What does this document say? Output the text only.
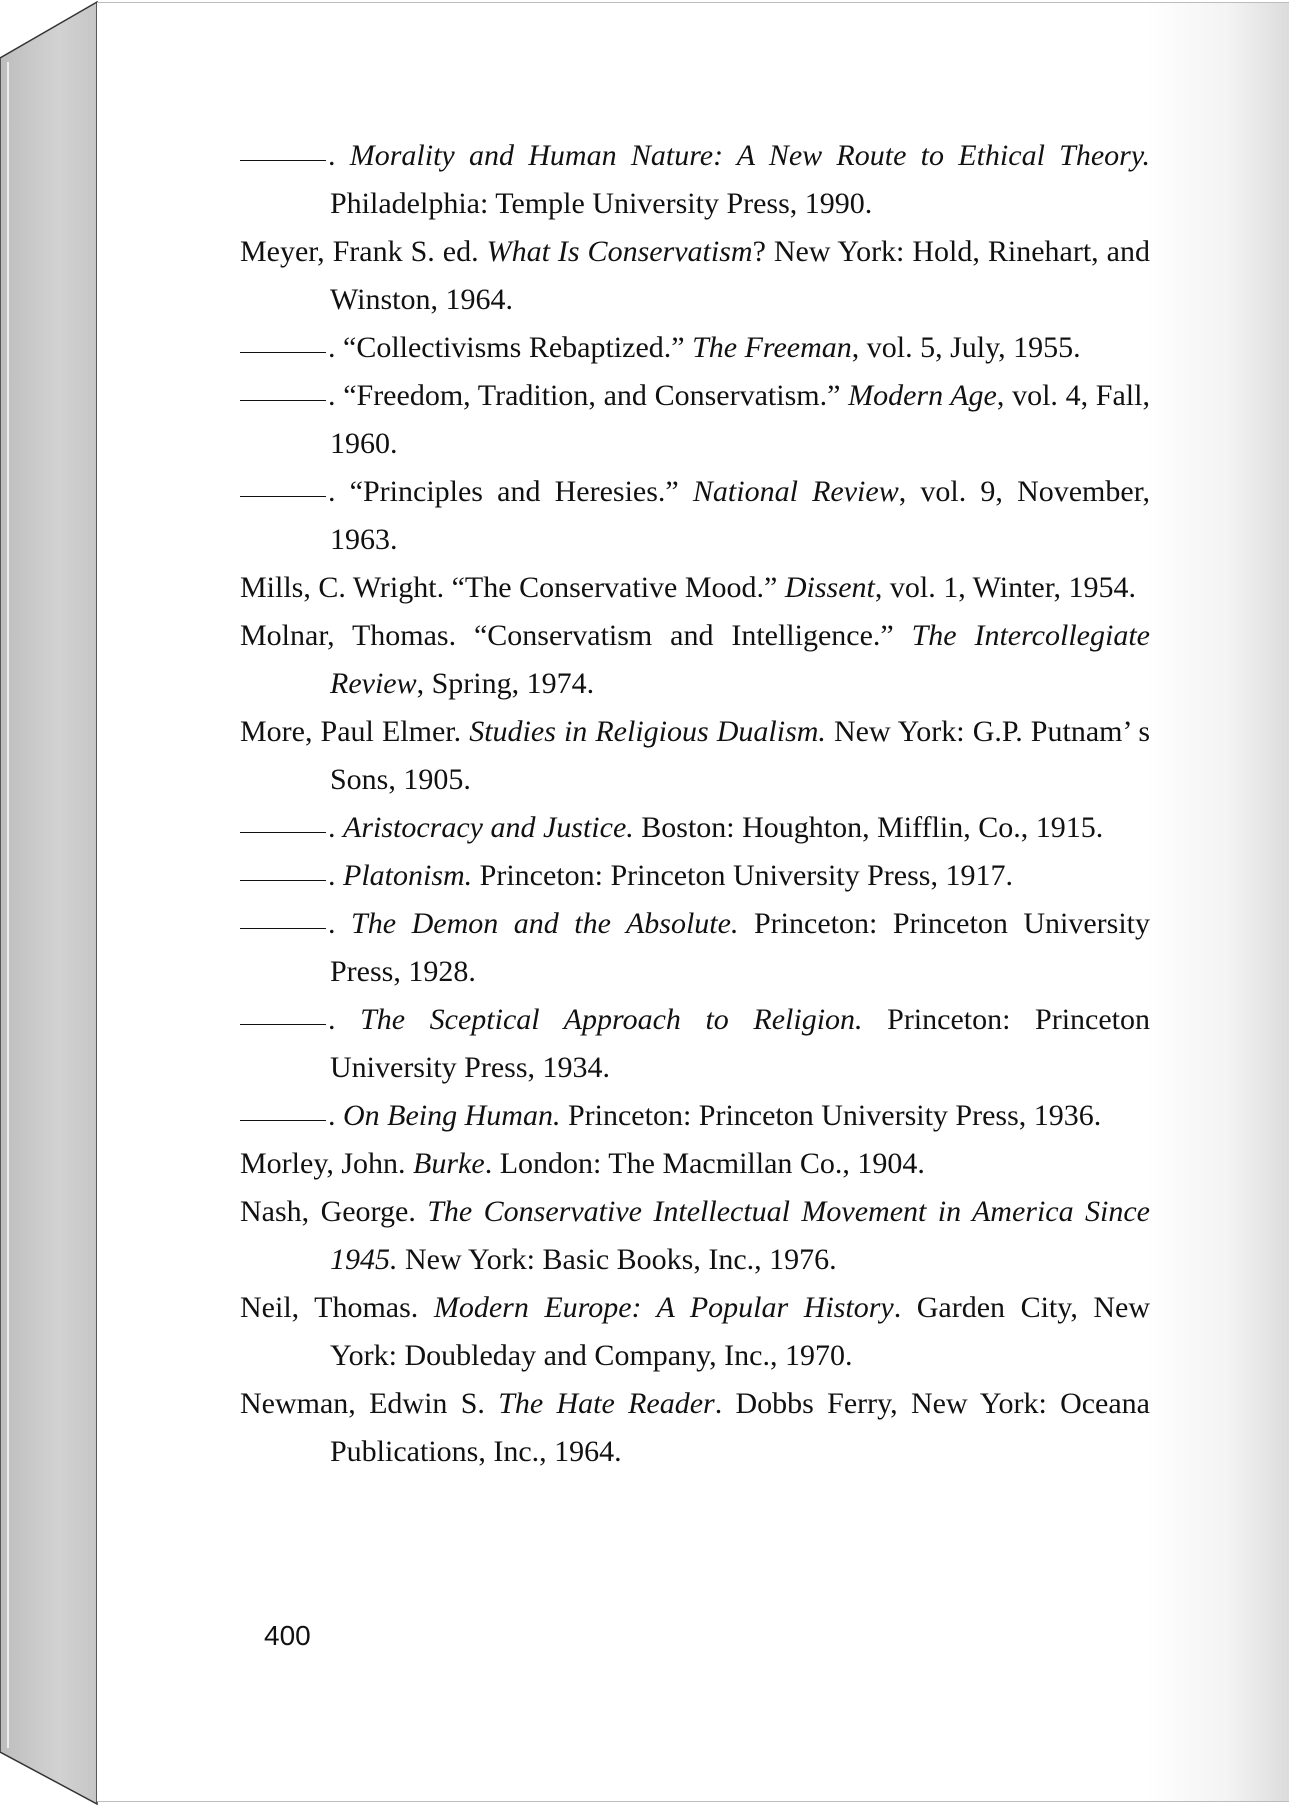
. Morality and Human Nature: A New Route to Ethical Theory. Philadelphia: Temple University Press, 1990.

Meyer, Frank S. ed. What Is Conservatism? New York: Hold, Rinehart, and Winston, 1964.

. “Collectivisms Rebaptized.” The Freeman, vol. 5, July, 1955.

. “Freedom, Tradition, and Conservatism.” Modern Age, vol. 4, Fall, 1960.

. “Principles and Heresies.” National Review, vol. 9, November, 1963.

Mills, C. Wright. “The Conservative Mood.” Dissent, vol. 1, Winter, 1954.

Molnar, Thomas. “Conservatism and Intelligence.” The Intercollegiate Review, Spring, 1974.

More, Paul Elmer. Studies in Religious Dualism. New York: G.P. Putnam’ s Sons, 1905.

. Aristocracy and Justice. Boston: Houghton, Mifflin, Co., 1915.

. Platonism. Princeton: Princeton University Press, 1917.

. The Demon and the Absolute. Princeton: Princeton University Press, 1928.

. The Sceptical Approach to Religion. Princeton: Princeton University Press, 1934.

. On Being Human. Princeton: Princeton University Press, 1936.

Morley, John. Burke. London: The Macmillan Co., 1904.

Nash, George. The Conservative Intellectual Movement in America Since 1945. New York: Basic Books, Inc., 1976.

Neil, Thomas. Modern Europe: A Popular History. Garden City, New York: Doubleday and Company, Inc., 1970.

Newman, Edwin S. The Hate Reader. Dobbs Ferry, New York: Oceana Publications, Inc., 1964.

400
